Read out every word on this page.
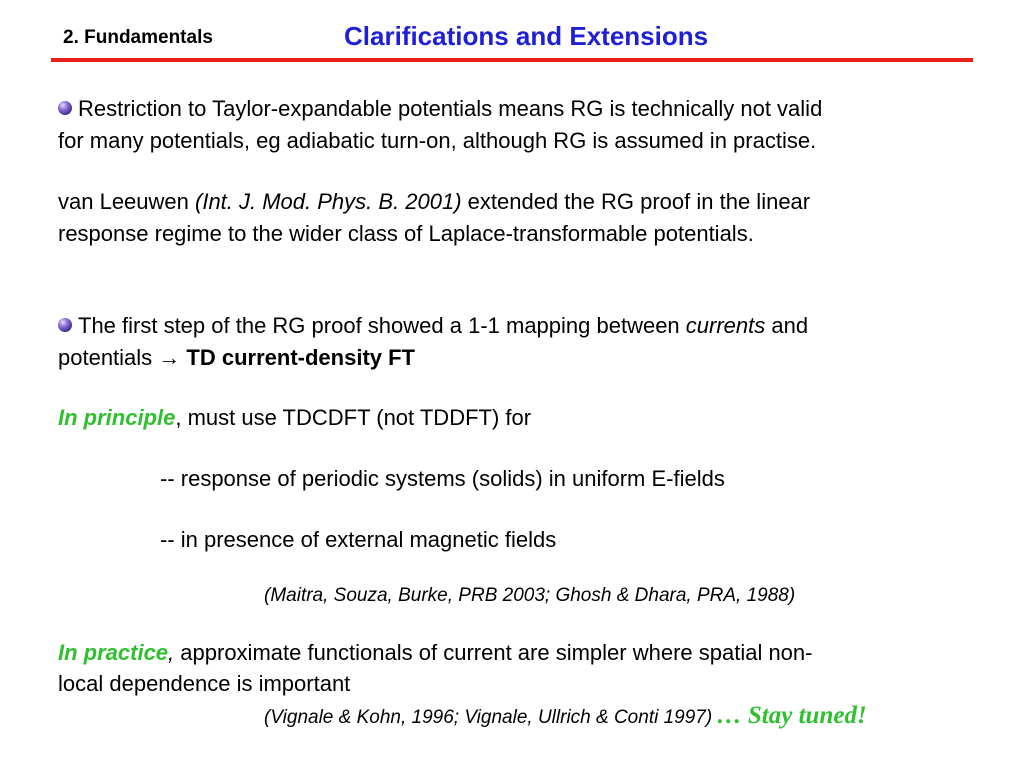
2. Fundamentals	Clarifications and Extensions
Restriction to Taylor-expandable potentials means RG is technically not valid
for many potentials, eg adiabatic turn-on, although RG is assumed in practise.
van Leeuwen (Int. J. Mod. Phys. B. 2001) extended the RG proof in the linear
response regime to the wider class of Laplace-transformable potentials.
The first step of the RG proof showed a 1-1 mapping between currents and
potentials → TD current-density FT
In principle, must use TDCDFT (not TDDFT) for
-- response of periodic systems (solids) in uniform E-fields
-- in presence of external magnetic fields
(Maitra, Souza, Burke, PRB 2003; Ghosh & Dhara, PRA, 1988)
In practice, approximate functionals of current are simpler where spatial non-
local dependence is important
(Vignale & Kohn, 1996; Vignale, Ullrich & Conti 1997) … Stay tuned!
